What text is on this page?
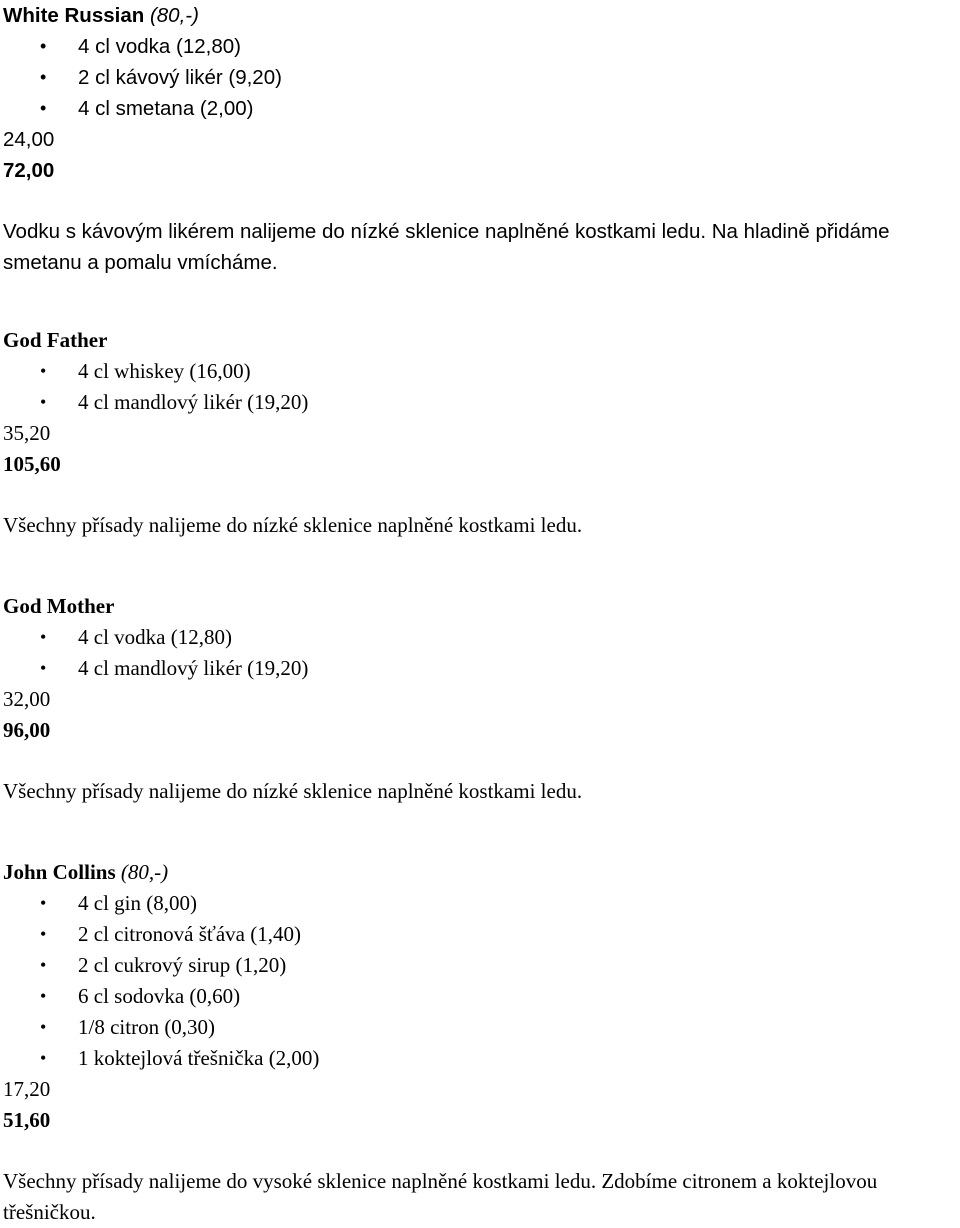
White Russian (80,-)
• 4 cl vodka (12,80)
• 2 cl kávový likér (9,20)
• 4 cl smetana (2,00)
24,00
72,00
Vodku s kávovým likérem nalijeme do nízké sklenice naplněné kostkami ledu. Na hladině přidáme smetanu a pomalu vmícháme.
God Father
• 4 cl whiskey (16,00)
• 4 cl mandlový likér (19,20)
35,20
105,60
Všechny přísady nalijeme do nízké sklenice naplněné kostkami ledu.
God Mother
• 4 cl vodka (12,80)
• 4 cl mandlový likér (19,20)
32,00
96,00
Všechny přísady nalijeme do nízké sklenice naplněné kostkami ledu.
John Collins (80,-)
• 4 cl gin (8,00)
• 2 cl citronová šťáva (1,40)
• 2 cl cukrový sirup (1,20)
• 6 cl sodovka (0,60)
• 1/8 citron (0,30)
• 1 koktejlová třešnička (2,00)
17,20
51,60
Všechny přísady nalijeme do vysoké sklenice naplněné kostkami ledu. Zdobíme citronem a koktejlovou třešničkou.
